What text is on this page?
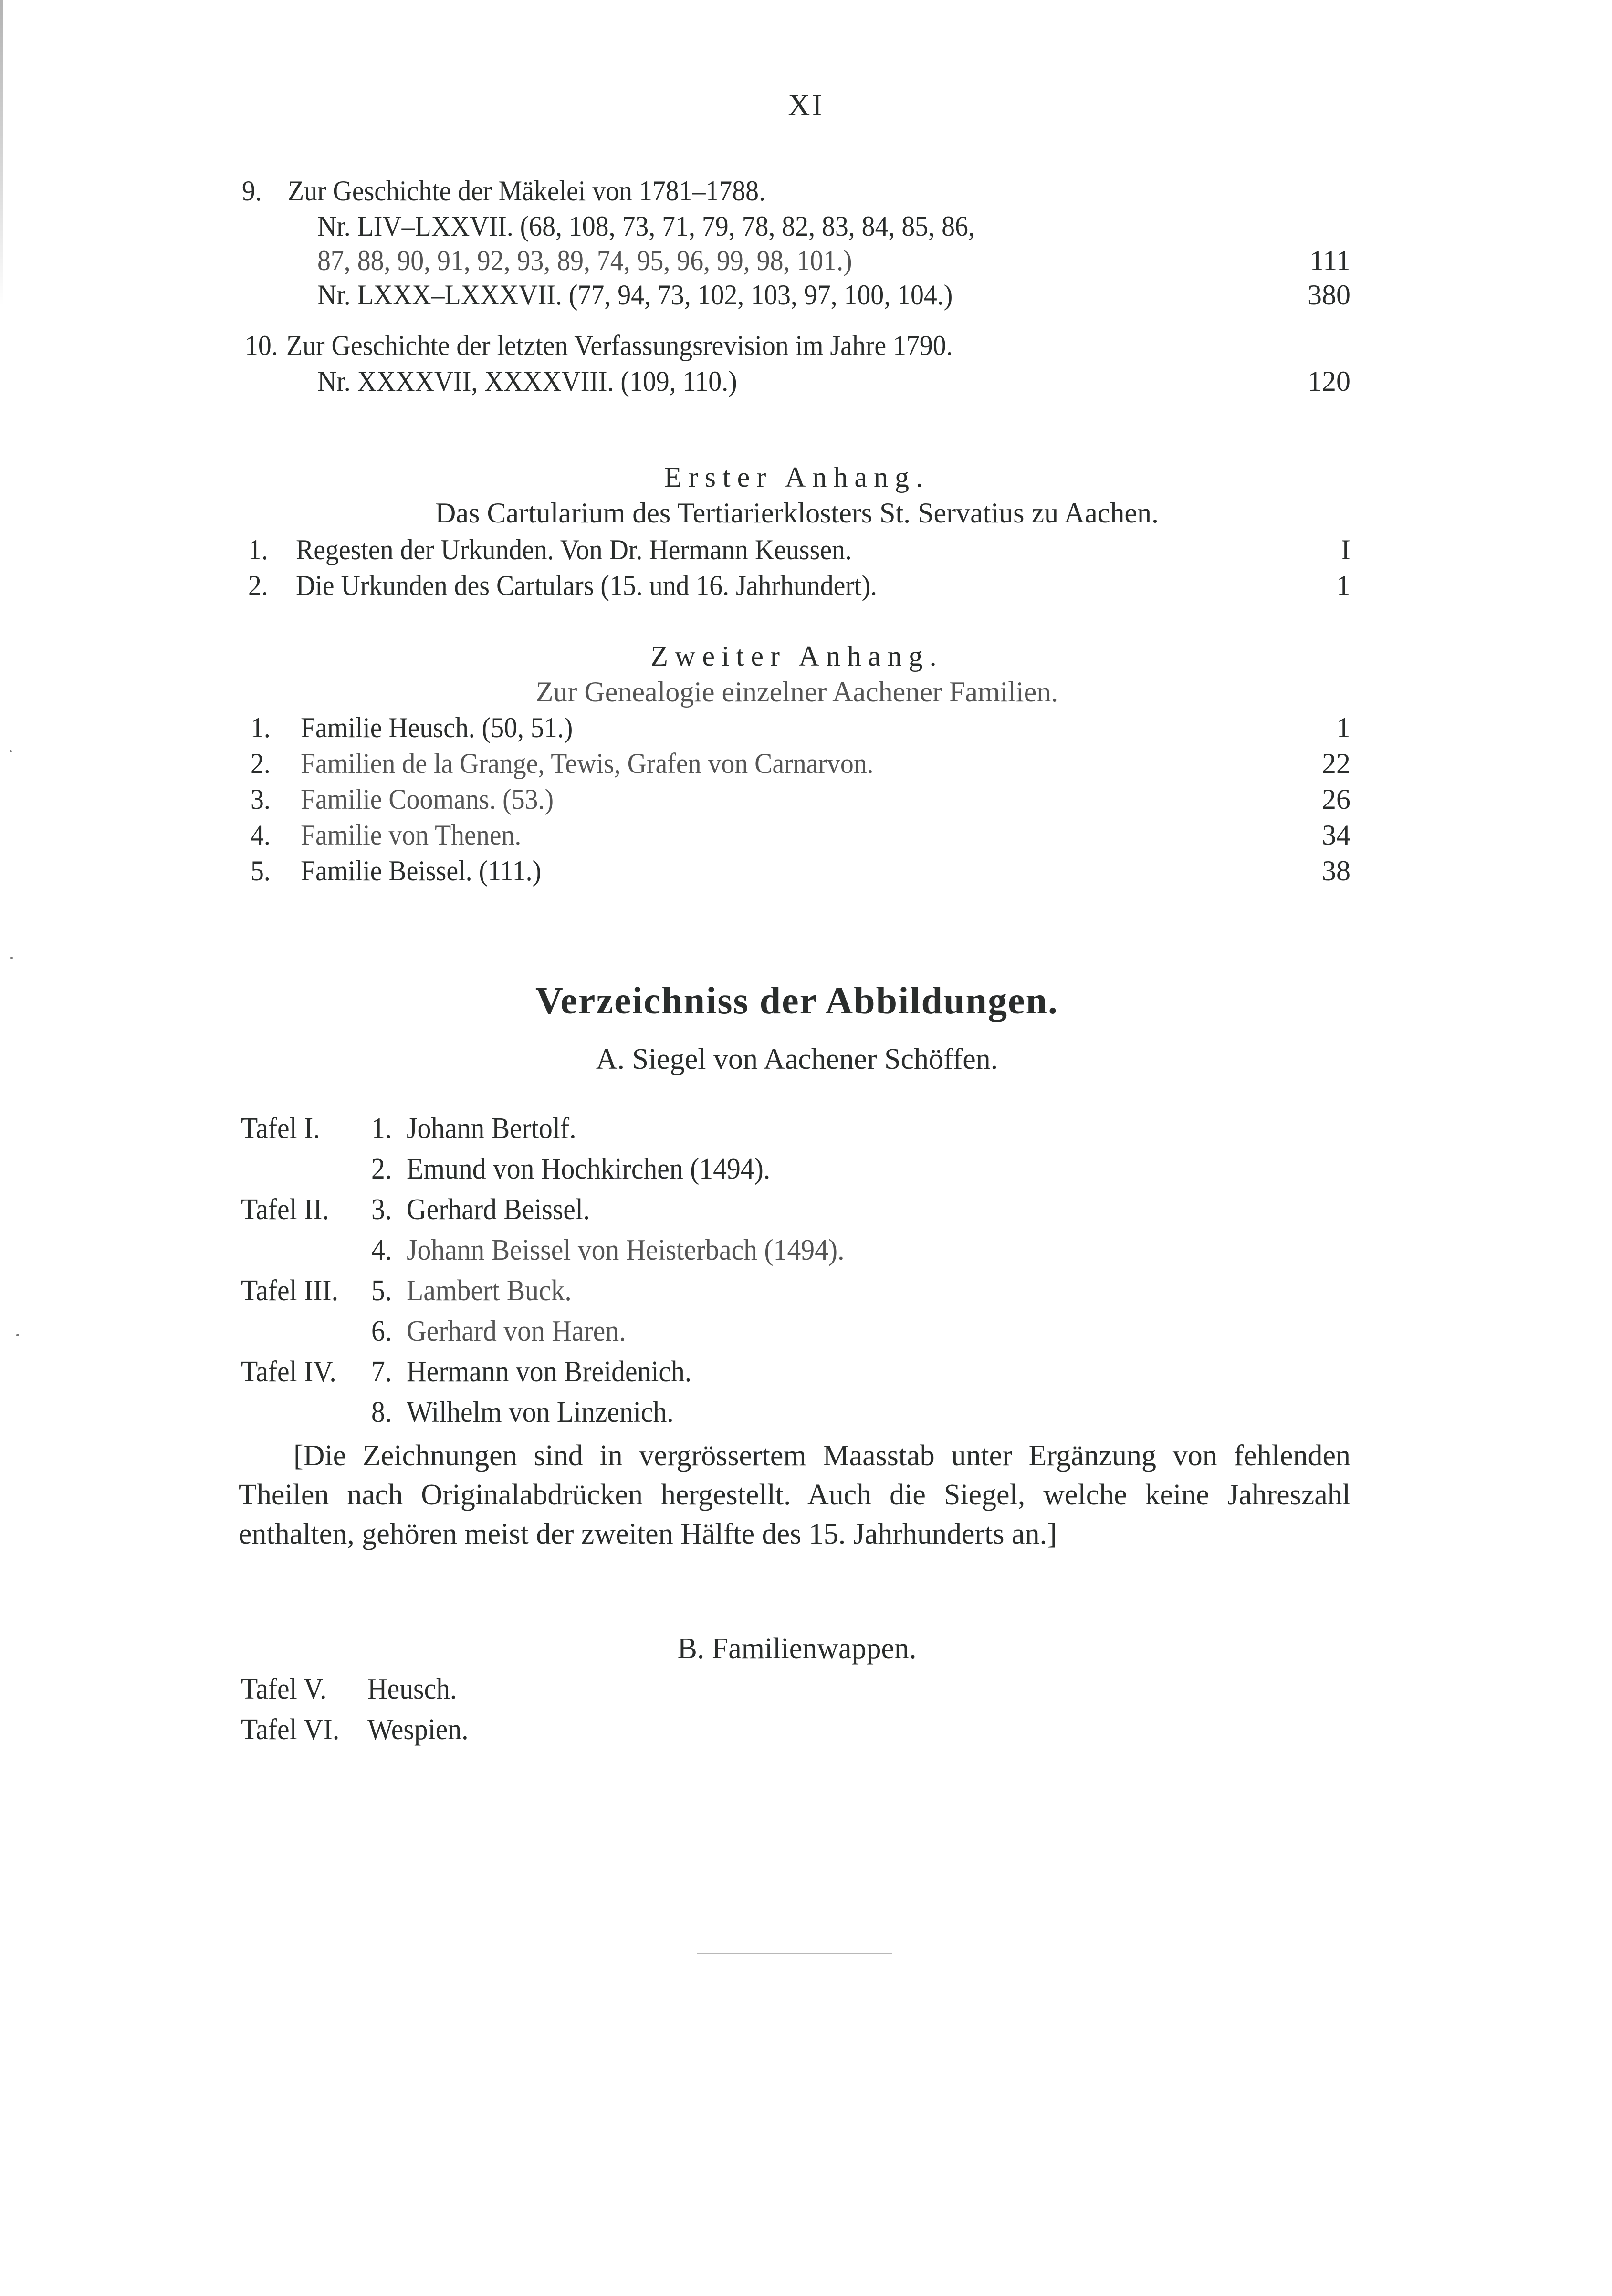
XI
9. Zur Geschichte der Mäkelei von 1781–1788.
Nr. LIV–LXXVII. (68, 108, 73, 71, 79, 78, 82, 83, 84, 85, 86,
87, 88, 90, 91, 92, 93, 89, 74, 95, 96, 99, 98, 101.)	111
Nr. LXXX–LXXXVII. (77, 94, 73, 102, 103, 97, 100, 104.)	380
10. Zur Geschichte der letzten Verfassungsrevision im Jahre 1790.
Nr. XXXXVII, XXXXVIII. (109, 110.)	120
Erster Anhang.
Das Cartularium des Tertiarierklosters St. Servatius zu Aachen.
1. Regesten der Urkunden. Von Dr. Hermann Keussen.	I
2. Die Urkunden des Cartulars (15. und 16. Jahrhundert).	1
Zweiter Anhang.
Zur Genealogie einzelner Aachener Familien.
1. Familie Heusch. (50, 51.)	1
2. Familien de la Grange, Tewis, Grafen von Carnarvon.	22
3. Familie Coomans. (53.)	26
4. Familie von Thenen.	34
5. Familie Beissel. (111.)	38
Verzeichniss der Abbildungen.
A. Siegel von Aachener Schöffen.
Tafel I. 1. Johann Bertolf.
2. Emund von Hochkirchen (1494).
Tafel II. 3. Gerhard Beissel.
4. Johann Beissel von Heisterbach (1494).
Tafel III. 5. Lambert Buck.
6. Gerhard von Haren.
Tafel IV. 7. Hermann von Breidenich.
8. Wilhelm von Linzenich.
[Die Zeichnungen sind in vergrössertem Maasstab unter Ergänzung von fehlenden Theilen nach Originalabdrücken hergestellt. Auch die Siegel, welche keine Jahreszahl enthalten, gehören meist der zweiten Hälfte des 15. Jahrhunderts an.]
B. Familienwappen.
Tafel V. Heusch.
Tafel VI. Wespien.
